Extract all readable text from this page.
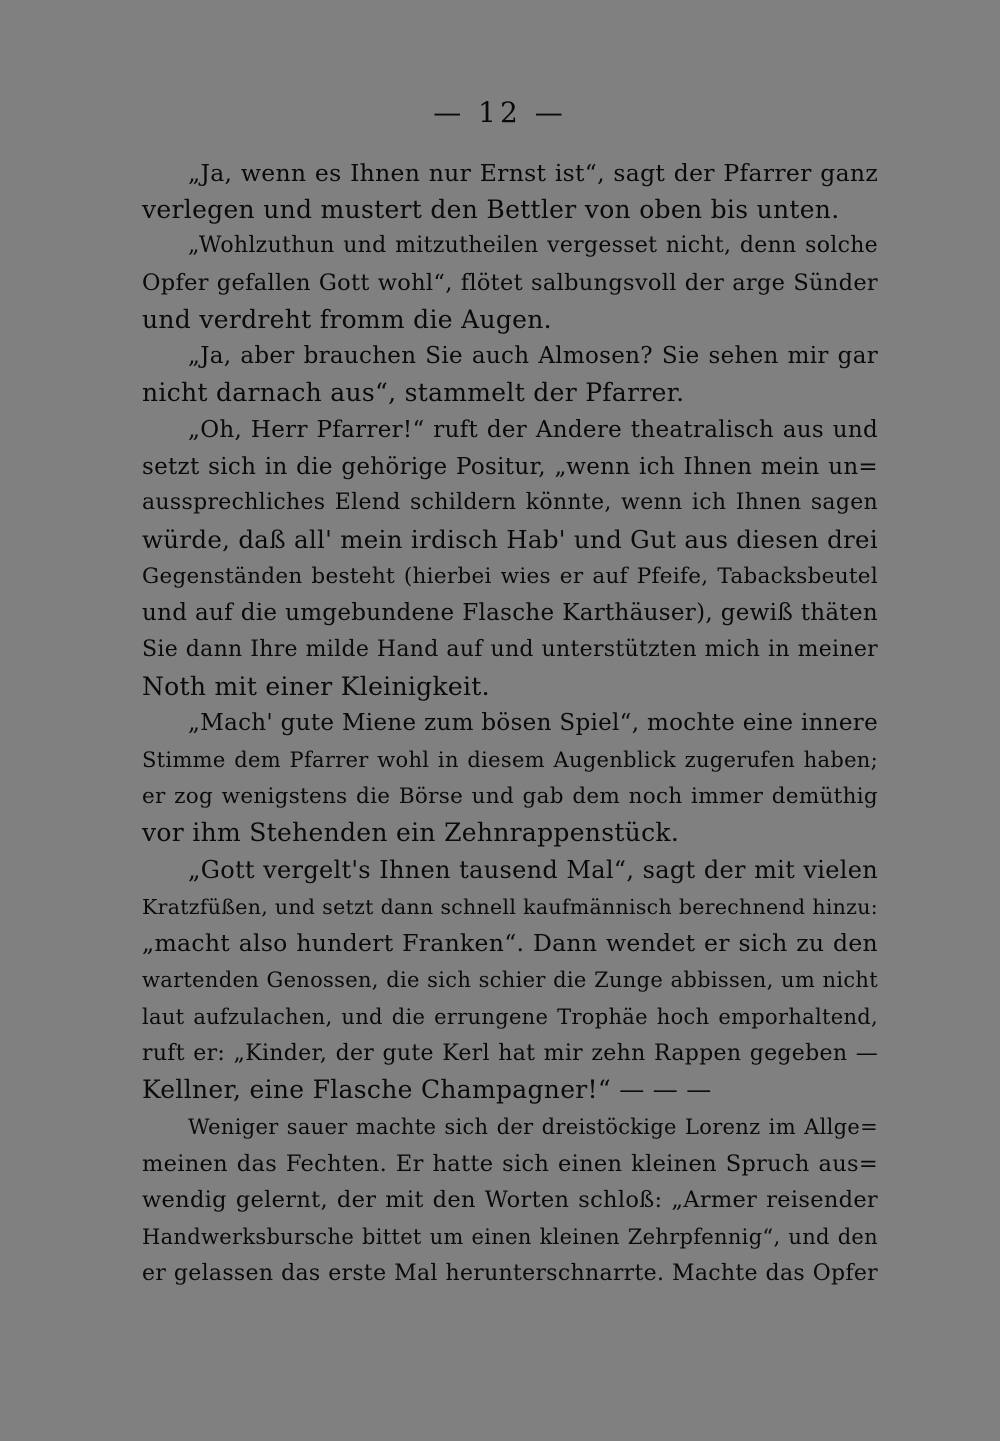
— 12 —
„Ja, wenn es Ihnen nur Ernst ist“, sagt der Pfarrer ganz
verlegen und mustert den Bettler von oben bis unten.
„Wohlzuthun und mitzutheilen vergesset nicht, denn solche
Opfer gefallen Gott wohl“, flötet salbungsvoll der arge Sünder
und verdreht fromm die Augen.
„Ja, aber brauchen Sie auch Almosen? Sie sehen mir gar
nicht darnach aus“, stammelt der Pfarrer.
„Oh, Herr Pfarrer!“ ruft der Andere theatralisch aus und
setzt sich in die gehörige Positur, „wenn ich Ihnen mein un=
aussprechliches Elend schildern könnte, wenn ich Ihnen sagen
würde, daß all' mein irdisch Hab' und Gut aus diesen drei
Gegenständen besteht (hierbei wies er auf Pfeife, Tabacksbeutel
und auf die umgebundene Flasche Karthäuser), gewiß thäten
Sie dann Ihre milde Hand auf und unterstützten mich in meiner
Noth mit einer Kleinigkeit.
„Mach' gute Miene zum bösen Spiel“, mochte eine innere
Stimme dem Pfarrer wohl in diesem Augenblick zugerufen haben;
er zog wenigstens die Börse und gab dem noch immer demüthig
vor ihm Stehenden ein Zehnrappenstück.
„Gott vergelt's Ihnen tausend Mal“, sagt der mit vielen
Kratzfüßen, und setzt dann schnell kaufmännisch berechnend hinzu:
„macht also hundert Franken“. Dann wendet er sich zu den
wartenden Genossen, die sich schier die Zunge abbissen, um nicht
laut aufzulachen, und die errungene Trophäe hoch emporhaltend,
ruft er: „Kinder, der gute Kerl hat mir zehn Rappen gegeben —
Kellner, eine Flasche Champagner!“ — — —
Weniger sauer machte sich der dreistöckige Lorenz im Allge=
meinen das Fechten. Er hatte sich einen kleinen Spruch aus=
wendig gelernt, der mit den Worten schloß: „Armer reisender
Handwerksbursche bittet um einen kleinen Zehrpfennig“, und den
er gelassen das erste Mal herunterschnarrte. Machte das Opfer
